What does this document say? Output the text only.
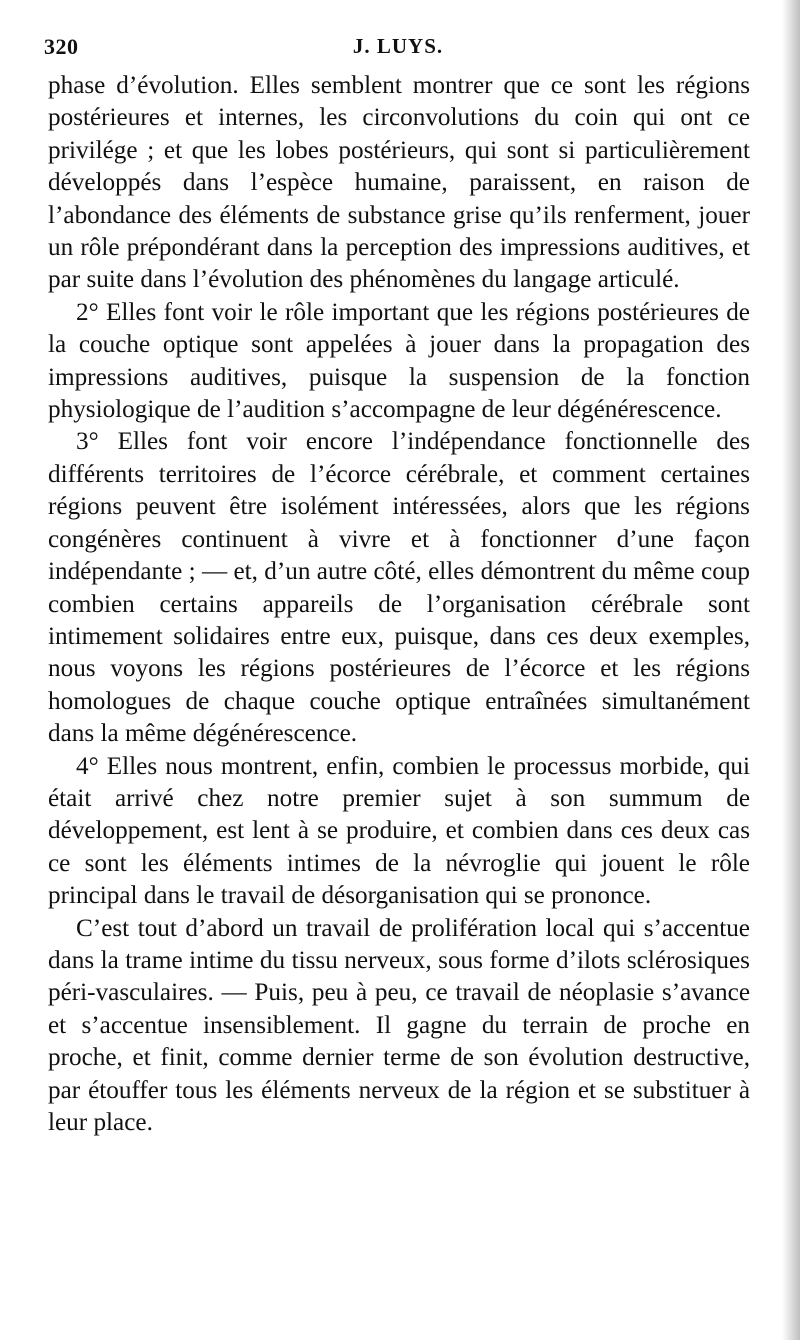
320	J. LUYS.

phase d’évolution. Elles semblent montrer que ce sont les régions postérieures et internes, les circonvolutions du coin qui ont ce privilége ; et que les lobes postérieurs, qui sont si particulièrement développés dans l’espèce humaine, paraissent, en raison de l’abondance des éléments de substance grise qu’ils renferment, jouer un rôle prépondérant dans la perception des impressions auditives, et par suite dans l’évolution des phénomènes du langage articulé.

2° Elles font voir le rôle important que les régions postérieures de la couche optique sont appelées à jouer dans la propagation des impressions auditives, puisque la suspension de la fonction physiologique de l’audition s’accompagne de leur dégénérescence.

3° Elles font voir encore l’indépendance fonctionnelle des différents territoires de l’écorce cérébrale, et comment certaines régions peuvent être isolément intéressées, alors que les régions congénères continuent à vivre et à fonctionner d’une façon indépendante ; — et, d’un autre côté, elles démontrent du même coup combien certains appareils de l’organisation cérébrale sont intimement solidaires entre eux, puisque, dans ces deux exemples, nous voyons les régions postérieures de l’écorce et les régions homologues de chaque couche optique entraînées simultanément dans la même dégénérescence.

4° Elles nous montrent, enfin, combien le processus morbide, qui était arrivé chez notre premier sujet à son summum de développement, est lent à se produire, et combien dans ces deux cas ce sont les éléments intimes de la névroglie qui jouent le rôle principal dans le travail de désorganisation qui se prononce.

C’est tout d’abord un travail de prolifération local qui s’accentue dans la trame intime du tissu nerveux, sous forme d’ilots sclérosiques péri-vasculaires. — Puis, peu à peu, ce travail de néoplasie s’avance et s’accentue insensiblement. Il gagne du terrain de proche en proche, et finit, comme dernier terme de son évolution destructive, par étouffer tous les éléments nerveux de la région et se substituer à leur place.
